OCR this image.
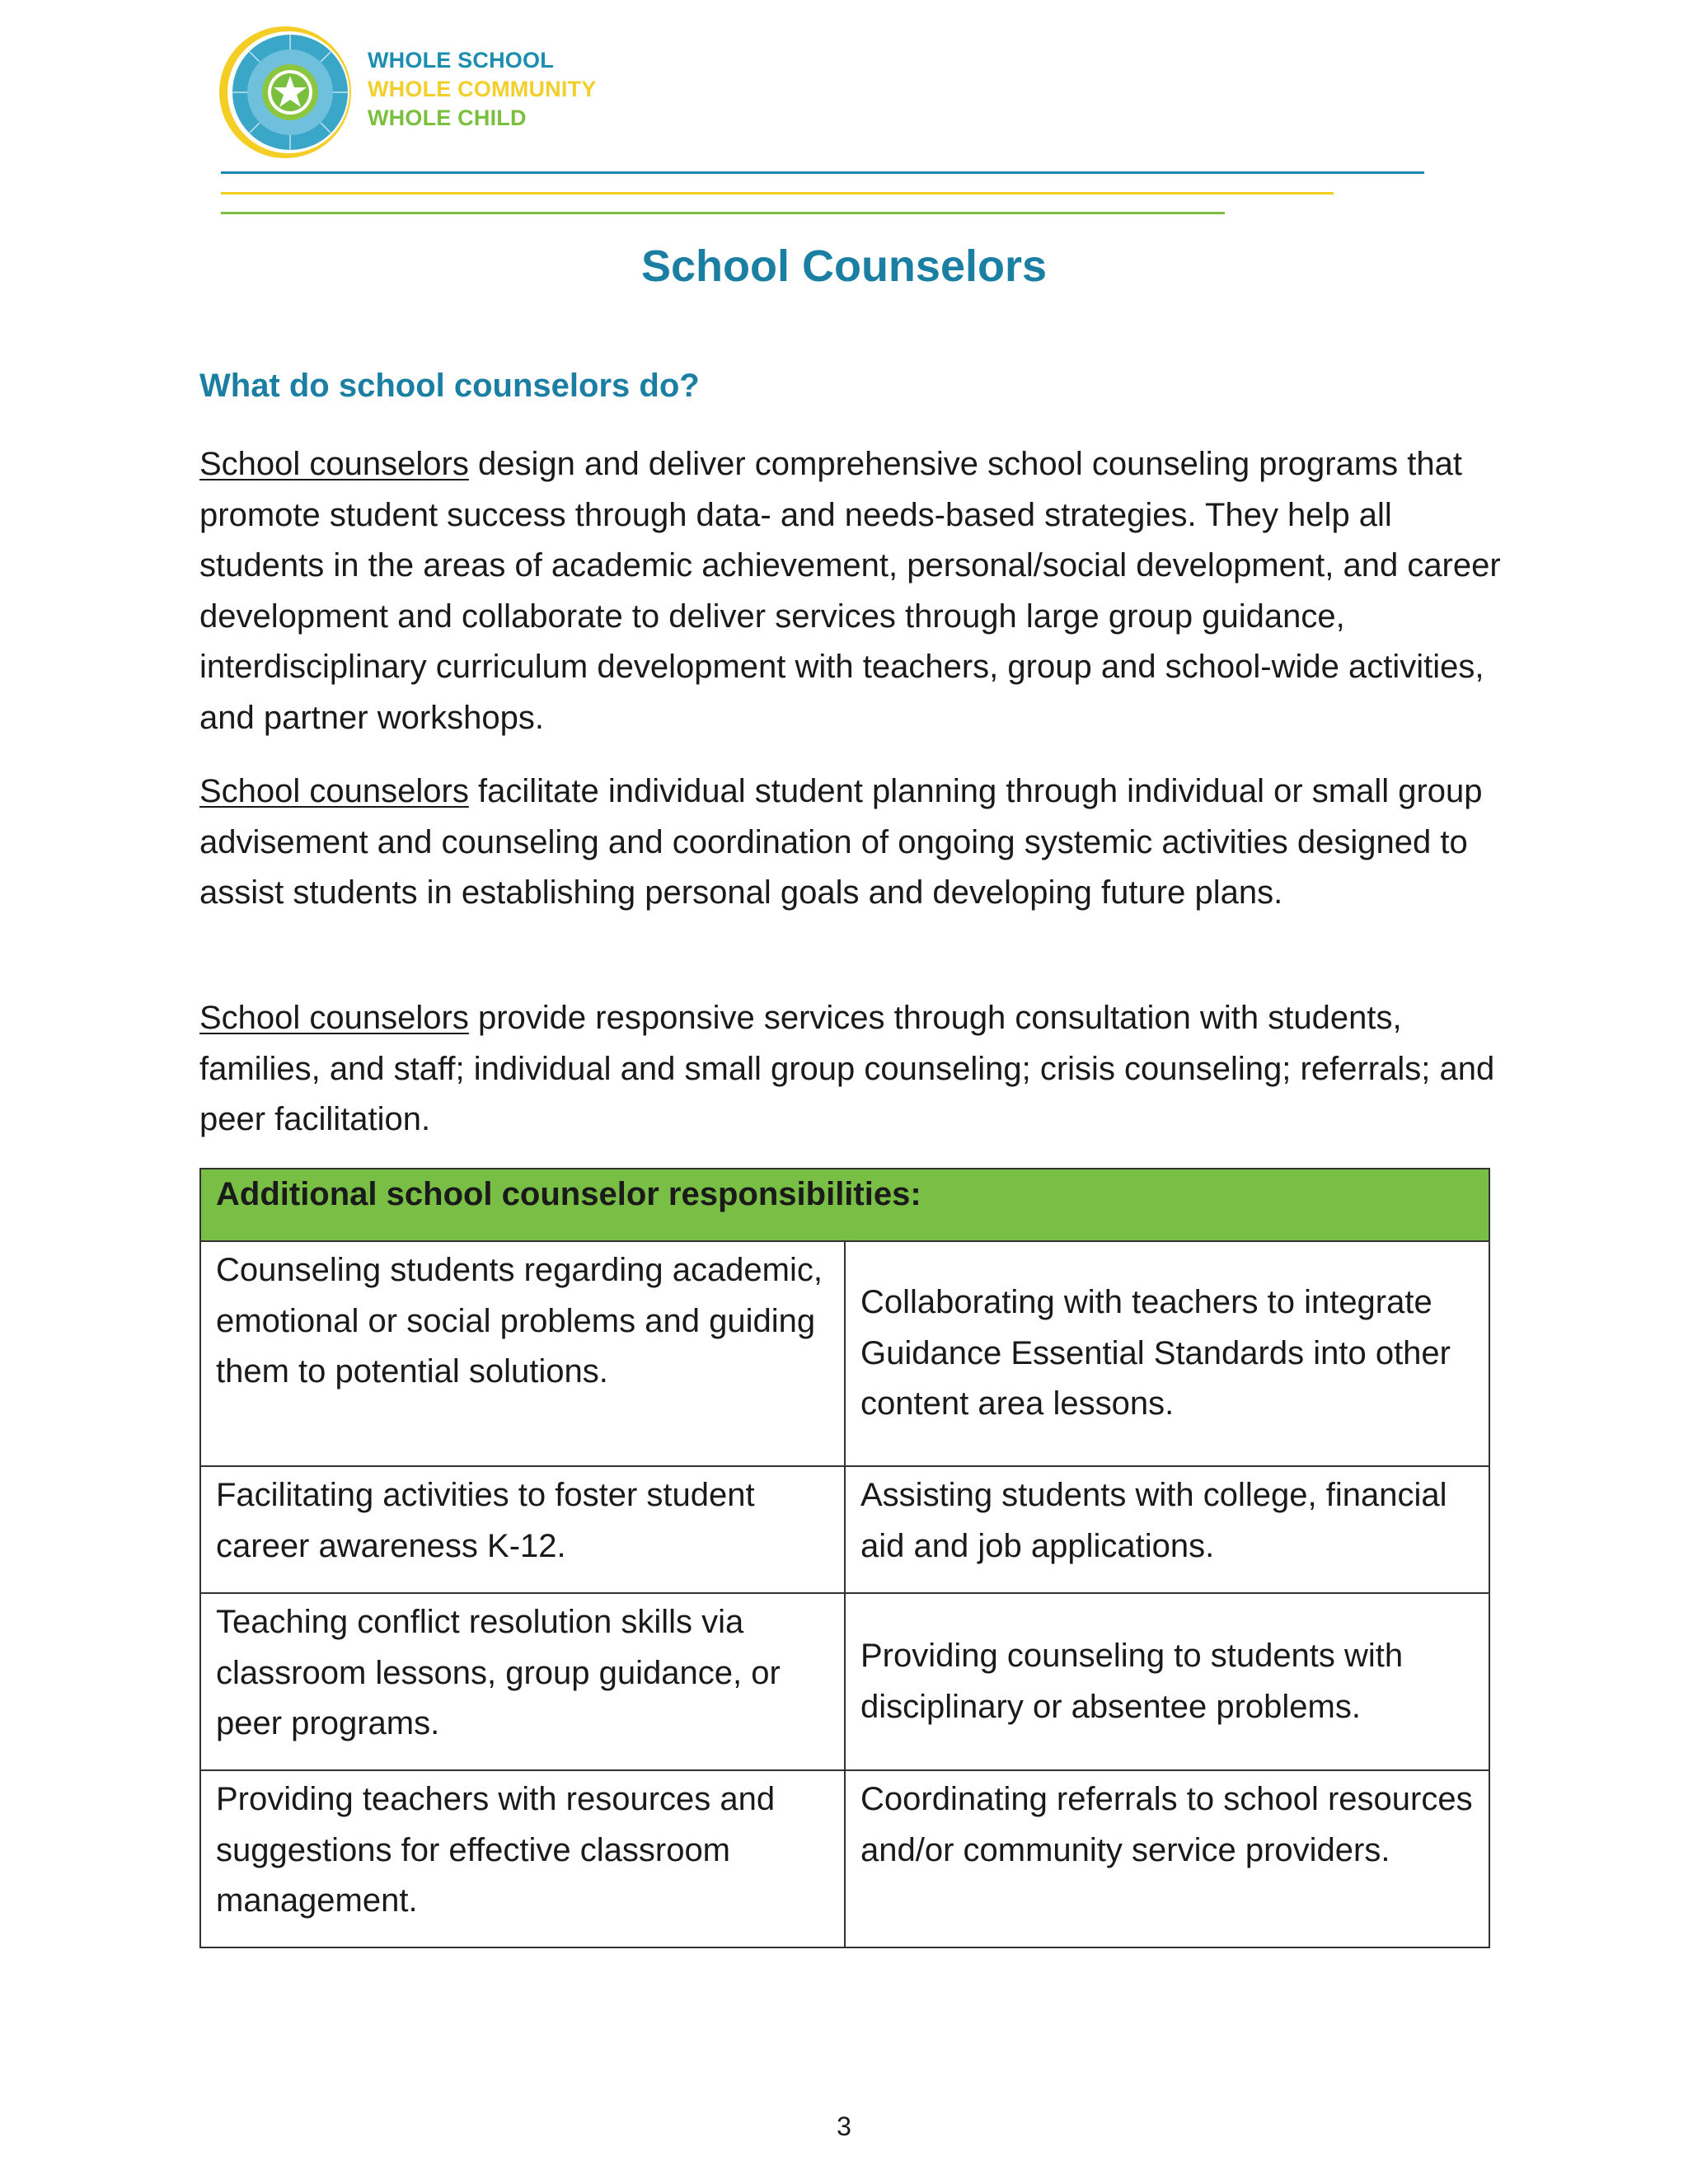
WHOLE SCHOOL
WHOLE COMMUNITY
WHOLE CHILD
School Counselors
What do school counselors do?

School counselors design and deliver comprehensive school counseling programs that promote student success through data- and needs-based strategies. They help all students in the areas of academic achievement, personal/social development, and career development and collaborate to deliver services through large group guidance, interdisciplinary curriculum development with teachers, group and school-wide activities, and partner workshops.

School counselors facilitate individual student planning through individual or small group advisement and counseling and coordination of ongoing systemic activities designed to assist students in establishing personal goals and developing future plans.

School counselors provide responsive services through consultation with students, families, and staff; individual and small group counseling; crisis counseling; referrals; and peer facilitation.

Additional school counselor responsibilities:	
Counseling students regarding academic, emotional or social problems and guiding them to potential solutions.	Collaborating with teachers to integrate Guidance Essential Standards into other content area lessons.
Facilitating activities to foster student career awareness K-12.	Assisting students with college, financial aid and job applications.
Teaching conflict resolution skills via classroom lessons, group guidance, or peer programs.	Providing counseling to students with disciplinary or absentee problems.
Providing teachers with resources and suggestions for effective classroom management.	Coordinating referrals to school resources and/or community service providers.
3
